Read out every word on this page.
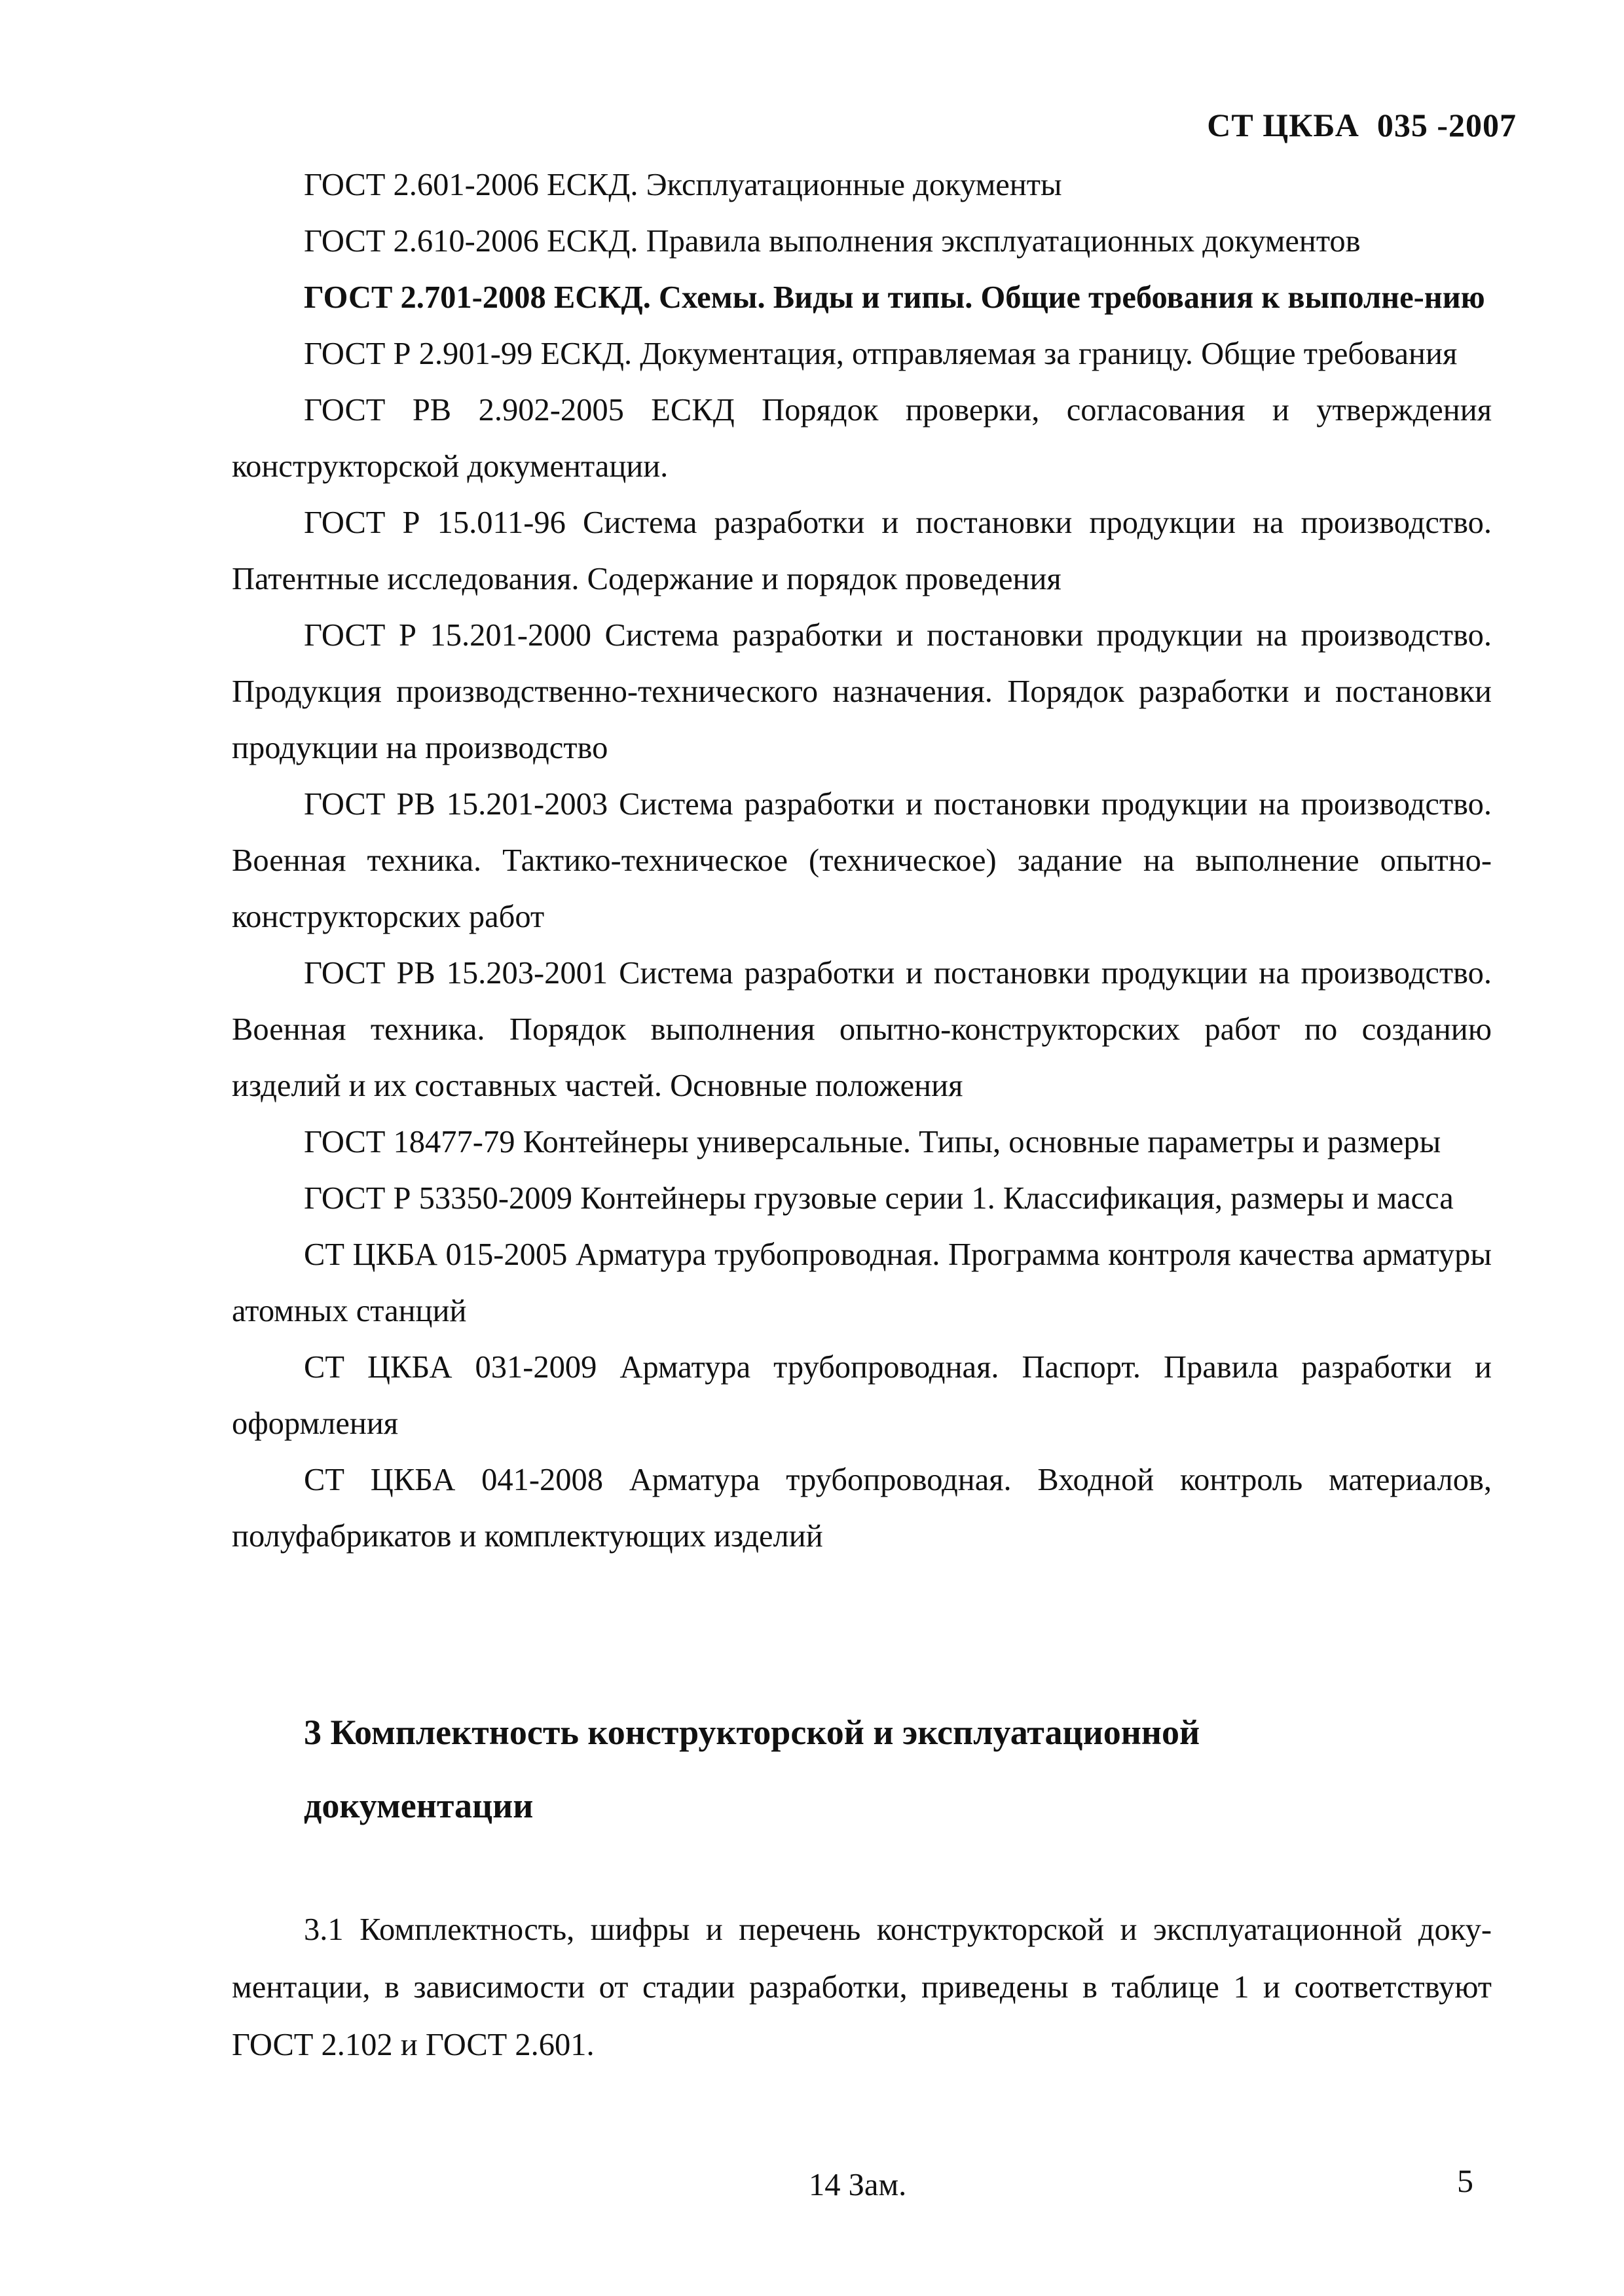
СТ ЦКБА  035 -2007

ГОСТ 2.601-2006 ЕСКД. Эксплуатационные документы

ГОСТ 2.610-2006 ЕСКД. Правила выполнения эксплуатационных документов

ГОСТ 2.701-2008 ЕСКД. Схемы. Виды и типы. Общие требования к выполне-нию

ГОСТ Р 2.901-99 ЕСКД. Документация, отправляемая за границу. Общие требования

ГОСТ РВ 2.902-2005 ЕСКД Порядок проверки, согласования и утверждения конструкторской документации.

ГОСТ Р 15.011-96 Система разработки и постановки продукции на производство. Патентные исследования. Содержание и порядок проведения

ГОСТ Р 15.201-2000 Система разработки и постановки продукции на производство. Продукция производственно-технического назначения. Порядок разработки и постановки продукции на производство

ГОСТ РВ 15.201-2003 Система разработки и постановки продукции на производство. Военная техника. Тактико-техническое (техническое) задание на выполнение опытно-конструкторских работ

ГОСТ РВ 15.203-2001 Система разработки и постановки продукции на производство. Военная техника. Порядок выполнения опытно-конструкторских работ по созданию изделий и их составных частей. Основные положения

ГОСТ 18477-79 Контейнеры универсальные. Типы, основные параметры и размеры

ГОСТ Р 53350-2009 Контейнеры грузовые серии 1. Классификация, размеры и масса

СТ ЦКБА 015-2005 Арматура трубопроводная. Программа контроля качества арматуры атомных станций

СТ ЦКБА 031-2009 Арматура трубопроводная. Паспорт. Правила разработки и оформления

СТ ЦКБА 041-2008 Арматура трубопроводная. Входной контроль материалов, полуфабрикатов и комплектующих изделий

3 Комплектность конструкторской и эксплуатационной документации

3.1 Комплектность, шифры и перечень конструкторской и эксплуатационной доку-ментации, в зависимости от стадии разработки, приведены в таблице 1 и соответствуют ГОСТ 2.102 и ГОСТ 2.601.

14 Зам.	5
